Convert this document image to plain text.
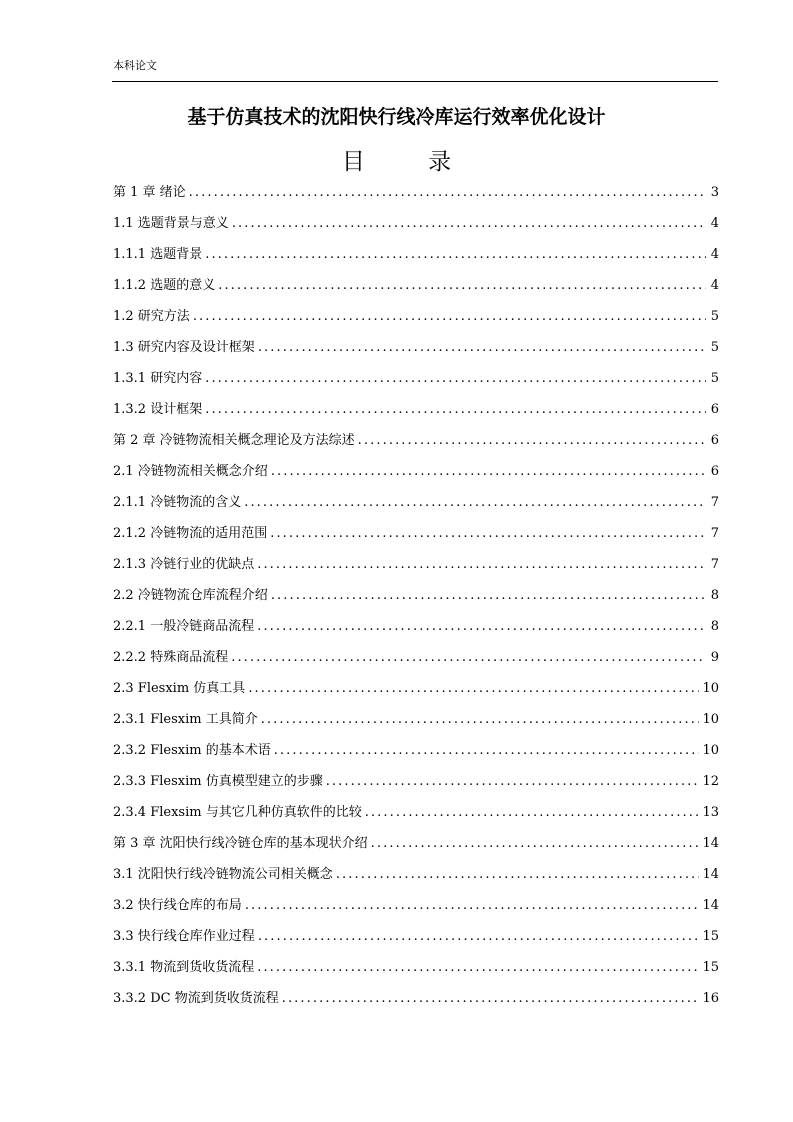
本科论文
基于仿真技术的沈阳快行线冷库运行效率优化设计
目 录
第 1 章 绪论 .....	3
1.1 选题背景与意义 .....	4
1.1.1 选题背景 .....	4
1.1.2 选题的意义 .....	4
1.2 研究方法 .....	5
1.3 研究内容及设计框架 .....	5
1.3.1 研究内容 .....	5
1.3.2 设计框架 .....	6
第 2 章 冷链物流相关概念理论及方法综述 .....	6
2.1 冷链物流相关概念介绍 .....	6
2.1.1 冷链物流的含义 .....	7
2.1.2 冷链物流的适用范围 .....	7
2.1.3 冷链行业的优缺点 .....	7
2.2 冷链物流仓库流程介绍 .....	8
2.2.1 一般冷链商品流程 .....	8
2.2.2 特殊商品流程 .....	9
2.3 Flesxim 仿真工具 .....	10
2.3.1 Flesxim 工具简介 .....	10
2.3.2 Flesxim 的基本术语 .....	10
2.3.3 Flesxim 仿真模型建立的步骤 .....	12
2.3.4 Flexsim 与其它几种仿真软件的比较 .....	13
第 3 章 沈阳快行线冷链仓库的基本现状介绍 .....	14
3.1 沈阳快行线冷链物流公司相关概念 .....	14
3.2 快行线仓库的布局 .....	14
3.3 快行线仓库作业过程 .....	15
3.3.1 物流到货收货流程 .....	15
3.3.2 DC 物流到货收货流程 .....	16
